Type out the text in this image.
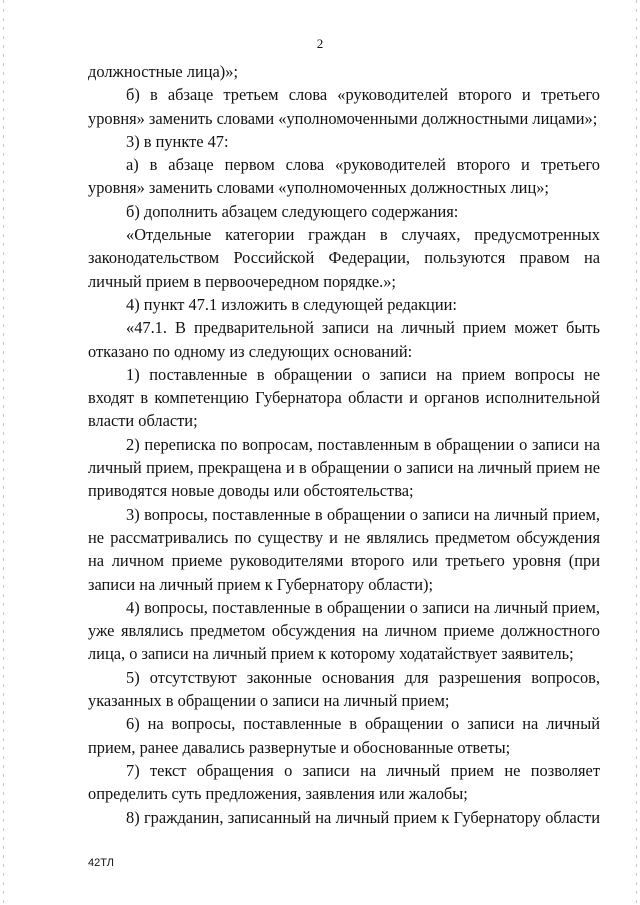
2

должностные лица)»;

б) в абзаце третьем слова «руководителей второго и третьего уровня» заменить словами «уполномоченными должностными лицами»;

3) в пункте 47:

а) в абзаце первом слова «руководителей второго и третьего уровня» заменить словами «уполномоченных должностных лиц»;

б) дополнить абзацем следующего содержания:

«Отдельные категории граждан в случаях, предусмотренных законодательством Российской Федерации, пользуются правом на личный прием в первоочередном порядке.»;

4) пункт 47.1 изложить в следующей редакции:

«47.1. В предварительной записи на личный прием может быть отказано по одному из следующих оснований:

1) поставленные в обращении о записи на прием вопросы не входят в компетенцию Губернатора области и органов исполнительной власти области;

2) переписка по вопросам, поставленным в обращении о записи на личный прием, прекращена и в обращении о записи на личный прием не приводятся новые доводы или обстоятельства;

3) вопросы, поставленные в обращении о записи на личный прием, не рассматривались по существу и не являлись предметом обсуждения на личном приеме руководителями второго или третьего уровня (при записи на личный прием к Губернатору области);

4) вопросы, поставленные в обращении о записи на личный прием, уже являлись предметом обсуждения на личном приеме должностного лица, о записи на личный прием к которому ходатайствует заявитель;

5) отсутствуют законные основания для разрешения вопросов, указанных в обращении о записи на личный прием;

6) на вопросы, поставленные в обращении о записи на личный прием, ранее давались развернутые и обоснованные ответы;

7) текст обращения о записи на личный прием не позволяет определить суть предложения, заявления или жалобы;

8) гражданин, записанный на личный прием к Губернатору области

42ТЛ
